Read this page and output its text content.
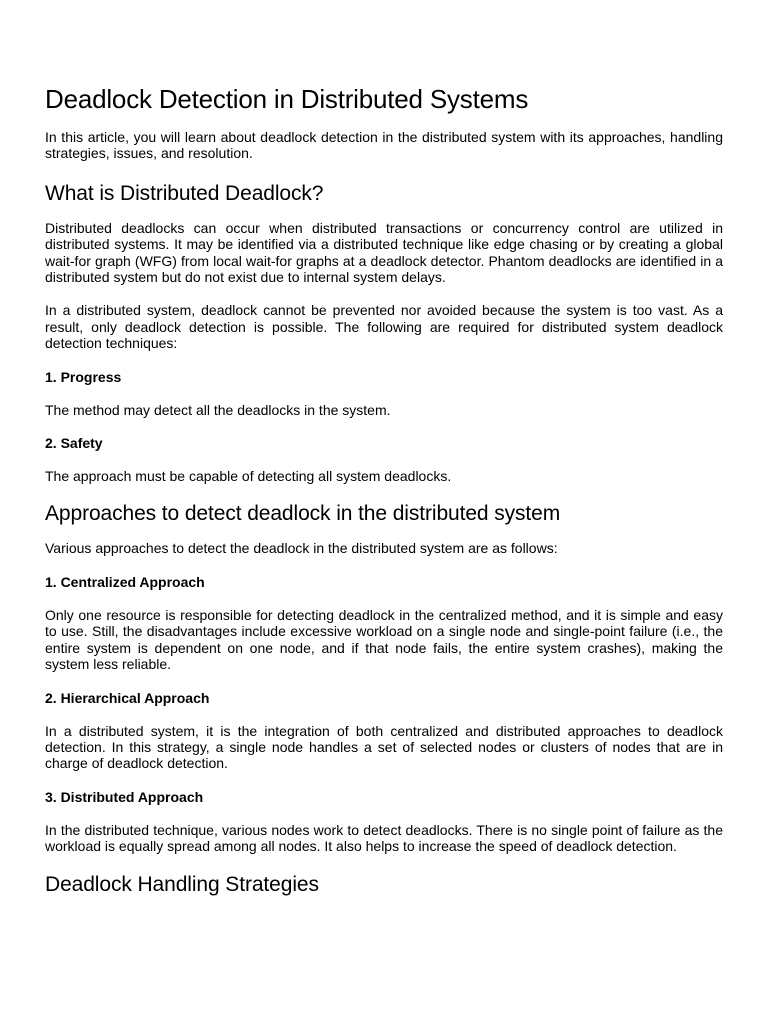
Deadlock Detection in Distributed Systems

In this article, you will learn about deadlock detection in the distributed system with its approaches, handling strategies, issues, and resolution.

What is Distributed Deadlock?

Distributed deadlocks can occur when distributed transactions or concurrency control are utilized in distributed systems. It may be identified via a distributed technique like edge chasing or by creating a global wait-for graph (WFG) from local wait-for graphs at a deadlock detector. Phantom deadlocks are identified in a distributed system but do not exist due to internal system delays.

In a distributed system, deadlock cannot be prevented nor avoided because the system is too vast. As a result, only deadlock detection is possible. The following are required for distributed system deadlock detection techniques:

1. Progress

The method may detect all the deadlocks in the system.

2. Safety

The approach must be capable of detecting all system deadlocks.

Approaches to detect deadlock in the distributed system

Various approaches to detect the deadlock in the distributed system are as follows:

1. Centralized Approach

Only one resource is responsible for detecting deadlock in the centralized method, and it is simple and easy to use. Still, the disadvantages include excessive workload on a single node and single-point failure (i.e., the entire system is dependent on one node, and if that node fails, the entire system crashes), making the system less reliable.

2. Hierarchical Approach

In a distributed system, it is the integration of both centralized and distributed approaches to deadlock detection. In this strategy, a single node handles a set of selected nodes or clusters of nodes that are in charge of deadlock detection.

3. Distributed Approach

In the distributed technique, various nodes work to detect deadlocks. There is no single point of failure as the workload is equally spread among all nodes. It also helps to increase the speed of deadlock detection.

Deadlock Handling Strategies
